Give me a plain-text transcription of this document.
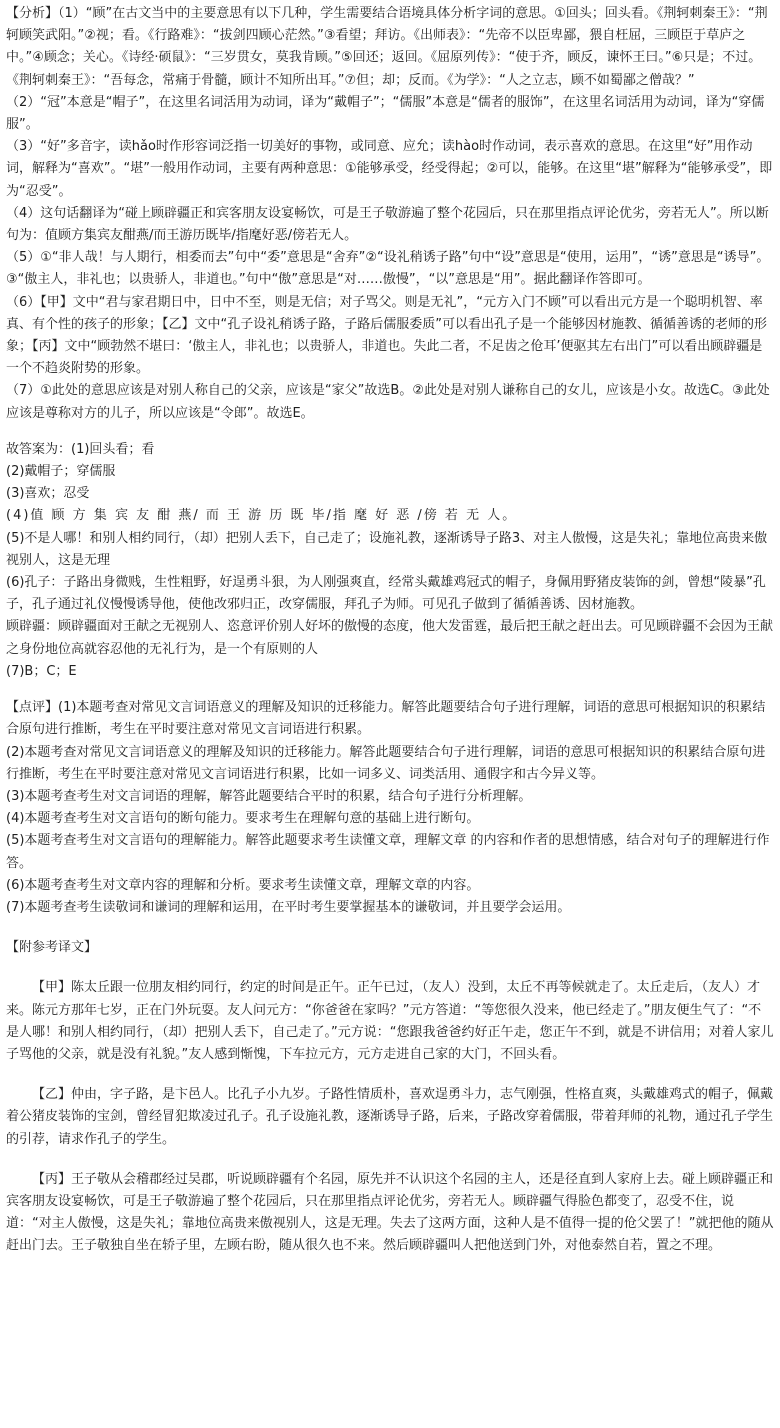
【分析】（1）“顾”在古文当中的主要意思有以下几种，学生需要结合语境具体分析字词的意思。①回头；回头看。《荆轲刺秦王》：“荆轲顾笑武阳。”②视；看。《行路难》：“拔剑四顾心茫然。”③看望；拜访。《出师表》：“先帝不以臣卑鄙，猥自枉屈，三顾臣于草庐之中。”④顾念；关心。《诗经·硕鼠》：“三岁贯女，莫我肯顾。”⑤回还；返回。《屈原列传》：“使于齐，顾反，谏怀王曰。”⑥只是；不过。《荆轲刺秦王》：“吾每念，常痛于骨髓，顾计不知所出耳。”⑦但；却；反而。《为学》：“人之立志，顾不如蜀鄙之僧哉？”

（2）“冠”本意是“帽子”，在这里名词活用为动词，译为“戴帽子”；“儒服”本意是“儒者的服饰”，在这里名词活用为动词，译为“穿儒服”。

（3）“好”多音字，读hǎo时作形容词泛指一切美好的事物，或同意、应允；读hào时作动词，表示喜欢的意思。在这里“好”用作动词，解释为“喜欢”。“堪”一般用作动词，主要有两种意思：①能够承受，经受得起；②可以，能够。在这里“堪”解释为“能够承受”，即为“忍受”。

（4）这句话翻译为“碰上顾辟疆正和宾客朋友设宴畅饮，可是王子敬游遍了整个花园后，只在那里指点评论优劣，旁若无人”。所以断句为：值顾方集宾友酣燕/而王游历既毕/指麾好恶/傍若无人。

（5）①“非人哉！与人期行，相委而去”句中“委”意思是“舍弃”②“设礼稍诱子路”句中“设”意思是“使用，运用”，“诱”意思是“诱导”。③“傲主人，非礼也；以贵骄人，非道也。”句中“傲”意思是“对……傲慢”，“以”意思是“用”。据此翻译作答即可。

（6）【甲】文中“君与家君期日中，日中不至，则是无信；对子骂父。则是无礼”，“元方入门不顾”可以看出元方是一个聪明机智、率真、有个性的孩子的形象；【乙】文中“孔子设礼稍诱子路，子路后儒服委质”可以看出孔子是一个能够因材施教、循循善诱的老师的形象；【丙】文中“顾勃然不堪曰：‘傲主人，非礼也；以贵骄人，非道也。失此二者，不足齿之伧耳’便驱其左右出门”可以看出顾辟疆是一个不趋炎附势的形象。

（7）①此处的意思应该是对别人称自己的父亲，应该是“家父”故选B。②此处是对别人谦称自己的女儿，应该是小女。故选C。③此处应该是尊称对方的儿子，所以应该是“令郎”。故选E。

故答案为：(1)回头看；看

(2)戴帽子；穿儒服

(3)喜欢；忍受

(4)值 顾 方 集 宾 友 酣 燕/ 而 王 游 历 既 毕/指 麾 好 恶 /傍 若 无 人。

(5)不是人哪！和别人相约同行，（却）把别人丢下，自己走了；设施礼教，逐渐诱导子路3、对主人傲慢，这是失礼；靠地位高贵来傲视别人，这是无理

(6)孔子：子路出身微贱，生性粗野，好逞勇斗狠，为人刚强爽直，经常头戴雄鸡冠式的帽子，身佩用野猪皮装饰的剑，曾想“陵暴”孔子，孔子通过礼仪慢慢诱导他，使他改邪归正，改穿儒服，拜孔子为师。可见孔子做到了循循善诱、因材施教。

顾辟疆：顾辟疆面对王献之无视别人、恣意评价别人好坏的傲慢的态度，他大发雷霆，最后把王献之赶出去。可见顾辟疆不会因为王献之身份地位高就容忍他的无礼行为，是一个有原则的人

(7)B；C；E

【点评】(1)本题考查对常见文言词语意义的理解及知识的迁移能力。解答此题要结合句子进行理解，词语的意思可根据知识的积累结合原句进行推断，考生在平时要注意对常见文言词语进行积累。

(2)本题考查对常见文言词语意义的理解及知识的迁移能力。解答此题要结合句子进行理解，词语的意思可根据知识的积累结合原句进行推断，考生在平时要注意对常见文言词语进行积累，比如一词多义、词类活用、通假字和古今异义等。

(3)本题考查考生对文言词语的理解，解答此题要结合平时的积累，结合句子进行分析理解。

(4)本题考查考生对文言语句的断句能力。要求考生在理解句意的基础上进行断句。

(5)本题考查考生对文言语句的理解能力。解答此题要求考生读懂文章，理解文章 的内容和作者的思想情感，结合对句子的理解进行作答。

(6)本题考查考生对文章内容的理解和分析。要求考生读懂文章，理解文章的内容。

(7)本题考查考生读敬词和谦词的理解和运用，在平时考生要掌握基本的谦敬词，并且要学会运用。

【附参考译文】

【甲】陈太丘跟一位朋友相约同行，约定的时间是正午。正午已过，（友人）没到，太丘不再等候就走了。太丘走后，（友人）才来。陈元方那年七岁，正在门外玩耍。友人问元方：“你爸爸在家吗？”元方答道：“等您很久没来，他已经走了。”朋友便生气了：“不是人哪！和别人相约同行，（却）把别人丢下，自己走了。”元方说：“您跟我爸爸约好正午走，您正午不到，就是不讲信用；对着人家儿子骂他的父亲，就是没有礼貌。”友人感到惭愧，下车拉元方，元方走进自己家的大门，不回头看。

【乙】仲由，字子路，是卞邑人。比孔子小九岁。子路性情质朴，喜欢逞勇斗力，志气刚强，性格直爽，头戴雄鸡式的帽子，佩戴着公猪皮装饰的宝剑，曾经冒犯欺凌过孔子。孔子设施礼教，逐渐诱导子路，后来，子路改穿着儒服，带着拜师的礼物，通过孔子学生的引荐，请求作孔子的学生。

【丙】王子敬从会稽郡经过吴郡，听说顾辟疆有个名园，原先并不认识这个名园的主人，还是径直到人家府上去。碰上顾辟疆正和宾客朋友设宴畅饮，可是王子敬游遍了整个花园后，只在那里指点评论优劣，旁若无人。顾辟疆气得脸色都变了，忍受不住，说道：“对主人傲慢，这是失礼；靠地位高贵来傲视别人，这是无理。失去了这两方面，这种人是不值得一提的伧父罢了！”就把他的随从赶出门去。王子敬独自坐在轿子里，左顾右盼，随从很久也不来。然后顾辟疆叫人把他送到门外，对他泰然自若，置之不理。
